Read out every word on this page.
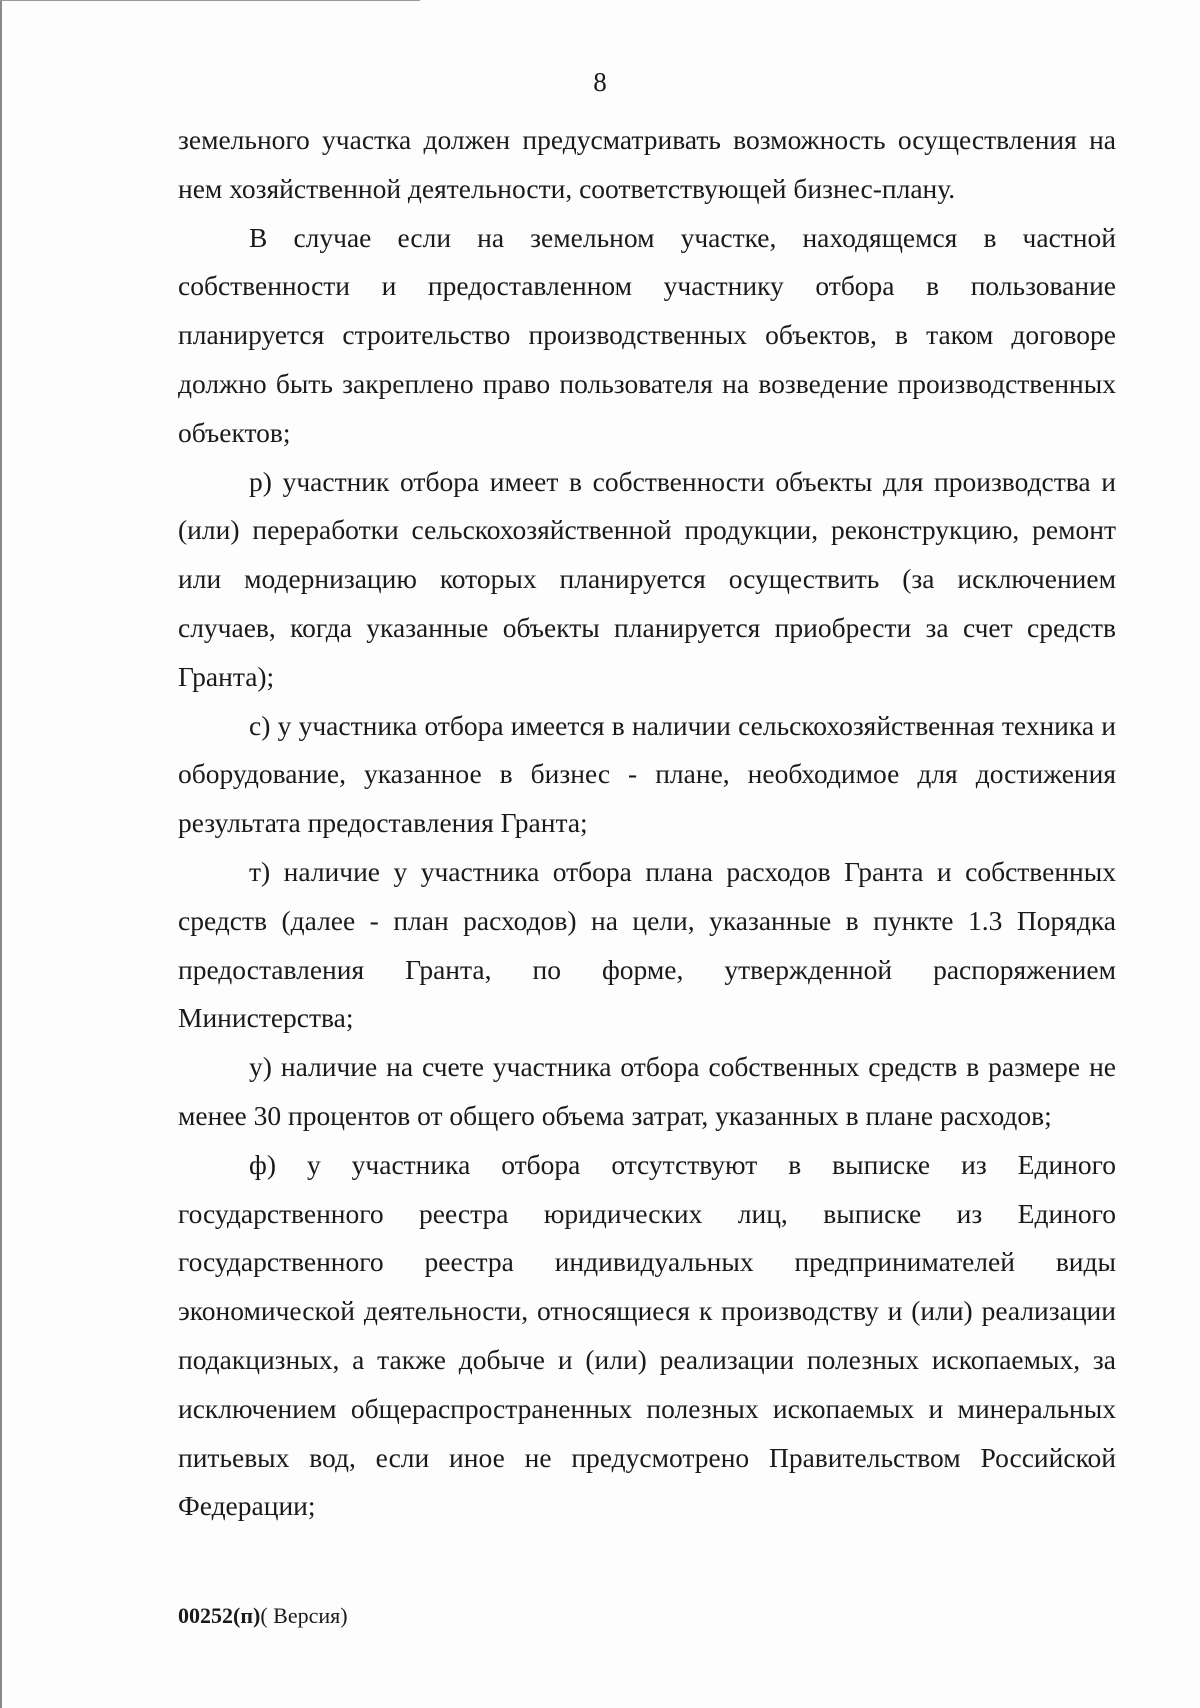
8

земельного участка должен предусматривать возможность осуществления на нем хозяйственной деятельности, соответствующей бизнес-плану.

В случае если на земельном участке, находящемся в частной собственности и предоставленном участнику отбора в пользование планируется строительство производственных объектов, в таком договоре должно быть закреплено право пользователя на возведение производственных объектов;

р) участник отбора имеет в собственности объекты для производства и (или) переработки сельскохозяйственной продукции, реконструкцию, ремонт или модернизацию которых планируется осуществить (за исключением случаев, когда указанные объекты планируется приобрести за счет средств Гранта);

с) у участника отбора имеется в наличии сельскохозяйственная техника и оборудование, указанное в бизнес - плане, необходимое для достижения результата предоставления Гранта;

т) наличие у участника отбора плана расходов Гранта и собственных средств (далее - план расходов) на цели, указанные в пункте 1.3 Порядка предоставления Гранта, по форме, утвержденной распоряжением Министерства;

у) наличие на счете участника отбора собственных средств в размере не менее 30 процентов от общего объема затрат, указанных в плане расходов;

ф) у участника отбора отсутствуют в выписке из Единого государственного реестра юридических лиц, выписке из Единого государственного реестра индивидуальных предпринимателей виды экономической деятельности, относящиеся к производству и (или) реализации подакцизных, а также добыче и (или) реализации полезных ископаемых, за исключением общераспространенных полезных ископаемых и минеральных питьевых вод, если иное не предусмотрено Правительством Российской Федерации;

00252(п)( Версия)
